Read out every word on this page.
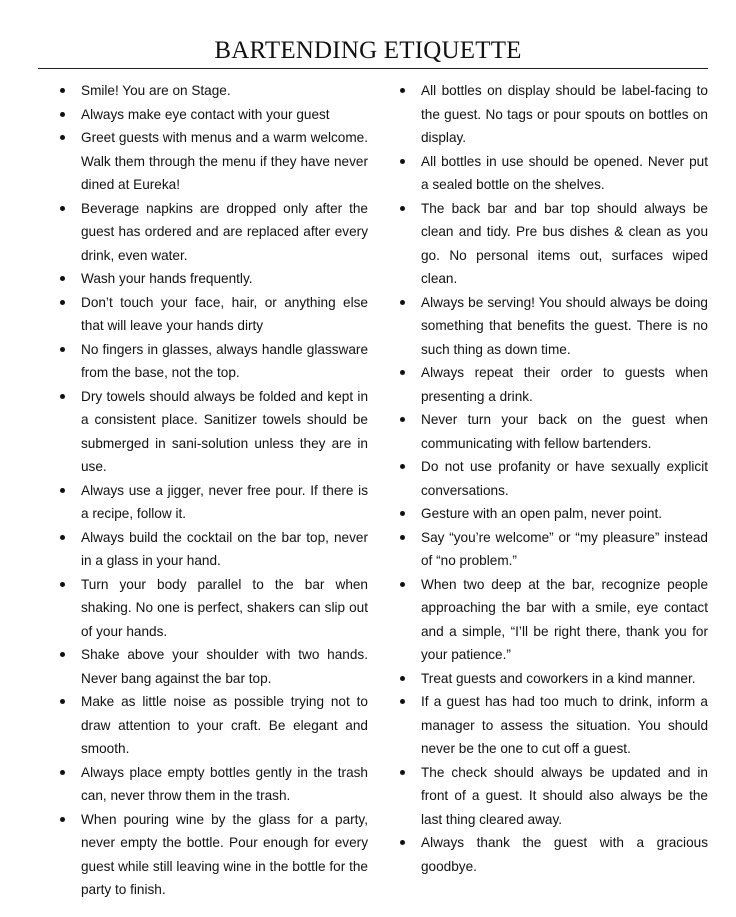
BARTENDING ETIQUETTE
Smile! You are on Stage.
Always make eye contact with your guest
Greet guests with menus and a warm welcome. Walk them through the menu if they have never dined at Eureka!
Beverage napkins are dropped only after the guest has ordered and are replaced after every drink, even water.
Wash your hands frequently.
Don’t touch your face, hair, or anything else that will leave your hands dirty
No fingers in glasses, always handle glassware from the base, not the top.
Dry towels should always be folded and kept in a consistent place. Sanitizer towels should be submerged in sani-solution unless they are in use.
Always use a jigger, never free pour. If there is a recipe, follow it.
Always build the cocktail on the bar top, never in a glass in your hand.
Turn your body parallel to the bar when shaking. No one is perfect, shakers can slip out of your hands.
Shake above your shoulder with two hands. Never bang against the bar top.
Make as little noise as possible trying not to draw attention to your craft. Be elegant and smooth.
Always place empty bottles gently in the trash can, never throw them in the trash.
When pouring wine by the glass for a party, never empty the bottle. Pour enough for every guest while still leaving wine in the bottle for the party to finish.
All bottles on display should be label-facing to the guest. No tags or pour spouts on bottles on display.
All bottles in use should be opened. Never put a sealed bottle on the shelves.
The back bar and bar top should always be clean and tidy. Pre bus dishes & clean as you go. No personal items out, surfaces wiped clean.
Always be serving! You should always be doing something that benefits the guest. There is no such thing as down time.
Always repeat their order to guests when presenting a drink.
Never turn your back on the guest when communicating with fellow bartenders.
Do not use profanity or have sexually explicit conversations.
Gesture with an open palm, never point.
Say “you’re welcome” or “my pleasure” instead of “no problem.”
When two deep at the bar, recognize people approaching the bar with a smile, eye contact and a simple, “I’ll be right there, thank you for your patience.”
Treat guests and coworkers in a kind manner.
If a guest has had too much to drink, inform a manager to assess the situation. You should never be the one to cut off a guest.
The check should always be updated and in front of a guest. It should also always be the last thing cleared away.
Always thank the guest with a gracious goodbye.
